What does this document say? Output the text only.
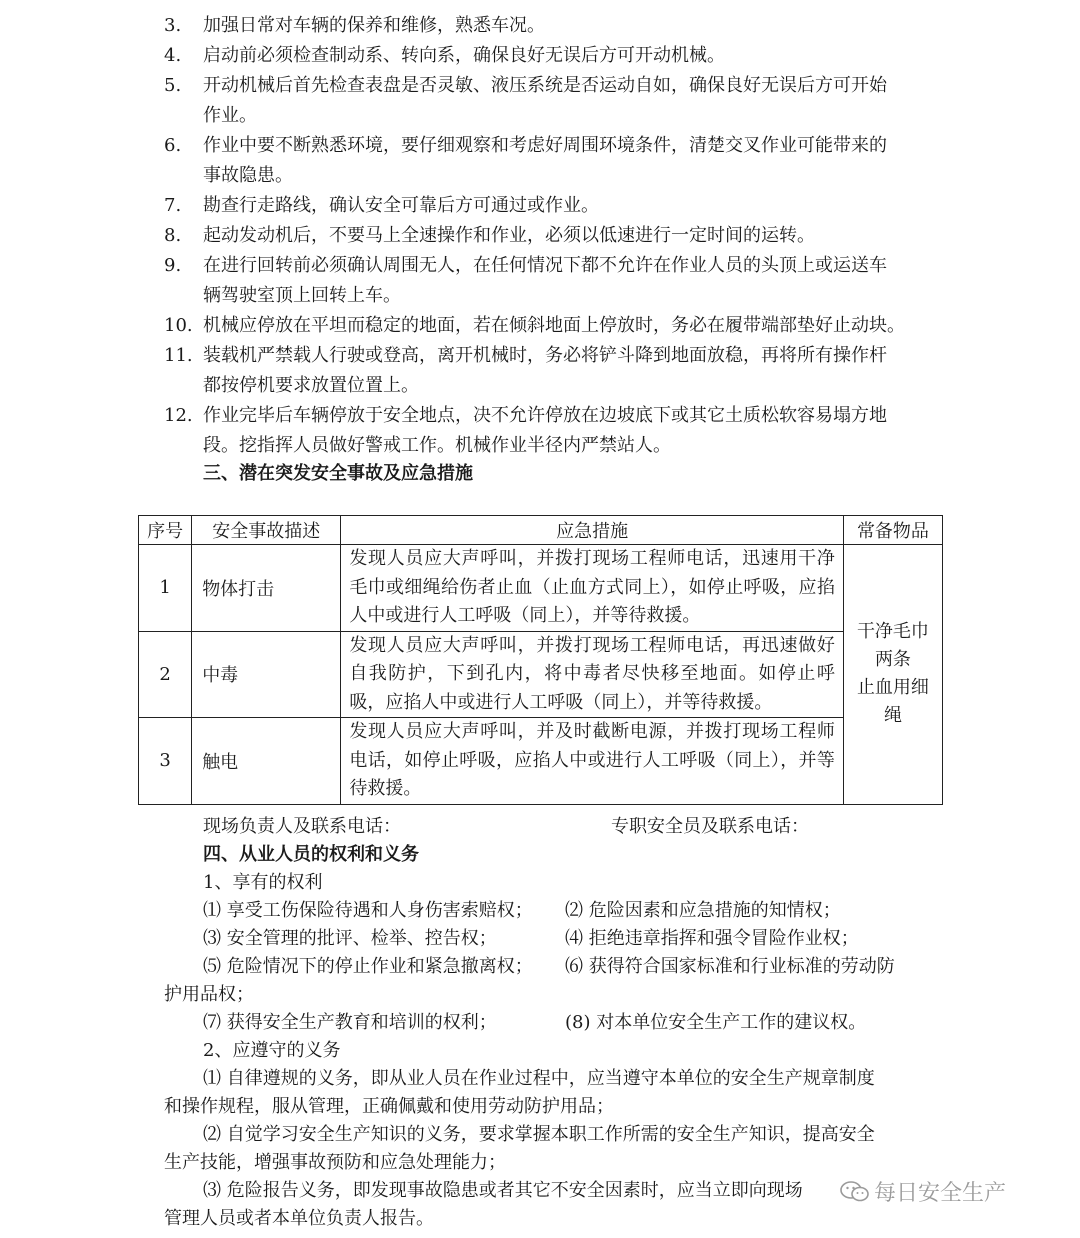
3. 加强日常对车辆的保养和维修，熟悉车况。
4. 启动前必须检查制动系、转向系，确保良好无误后方可开动机械。
5. 开动机械后首先检查表盘是否灵敏、液压系统是否运动自如，确保良好无误后方可开始
作业。
6. 作业中要不断熟悉环境，要仔细观察和考虑好周围环境条件，清楚交叉作业可能带来的
事故隐患。
7. 勘查行走路线，确认安全可靠后方可通过或作业。
8. 起动发动机后，不要马上全速操作和作业，必须以低速进行一定时间的运转。
9. 在进行回转前必须确认周围无人，在任何情况下都不允许在作业人员的头顶上或运送车
辆驾驶室顶上回转上车。
10. 机械应停放在平坦而稳定的地面，若在倾斜地面上停放时，务必在履带端部垫好止动块。
11. 装载机严禁载人行驶或登高，离开机械时，务必将铲斗降到地面放稳，再将所有操作杆
都按停机要求放置位置上。
12. 作业完毕后车辆停放于安全地点，决不允许停放在边坡底下或其它土质松软容易塌方地
段。挖指挥人员做好警戒工作。机械作业半径内严禁站人。
三、潜在突发安全事故及应急措施
序号	安全事故描述	应急措施	常备物品
1	物体打击	发现人员应大声呼叫，并拨打现场工程师电话，迅速用干净毛巾或细绳给伤者止血（止血方式同上），如停止呼吸，应掐人中或进行人工呼吸（同上），并等待救援。	干净毛巾
两条
止血用细
绳

2	中毒	发现人员应大声呼叫，并拨打现场工程师电话，再迅速做好自我防护，下到孔内，将中毒者尽快移至地面。如停止呼吸，应掐人中或进行人工呼吸（同上），并等待救援。	
3	触电	发现人员应大声呼叫，并及时截断电源，并拨打现场工程师电话，如停止呼吸，应掐人中或进行人工呼吸（同上），并等待救援。	
现场负责人及联系电话：	专职安全员及联系电话：
四、从业人员的权利和义务
1、享有的权利
⑴ 享受工伤保险待遇和人身伤害索赔权； ⑵ 危险因素和应急措施的知情权；
⑶ 安全管理的批评、检举、控告权；	⑷ 拒绝违章指挥和强令冒险作业权；
⑸ 危险情况下的停止作业和紧急撤离权； ⑹ 获得符合国家标准和行业标准的劳动防
护用品权；
⑺ 获得安全生产教育和培训的权利；	(8) 对本单位安全生产工作的建议权。
2、应遵守的义务
⑴ 自律遵规的义务，即从业人员在作业过程中，应当遵守本单位的安全生产规章制度
和操作规程，服从管理，正确佩戴和使用劳动防护用品；
⑵ 自觉学习安全生产知识的义务，要求掌握本职工作所需的安全生产知识，提高安全
生产技能，增强事故预防和应急处理能力；
⑶ 危险报告义务，即发现事故隐患或者其它不安全因素时，应当立即向现场
管理人员或者本单位负责人报告。
每日安全生产
